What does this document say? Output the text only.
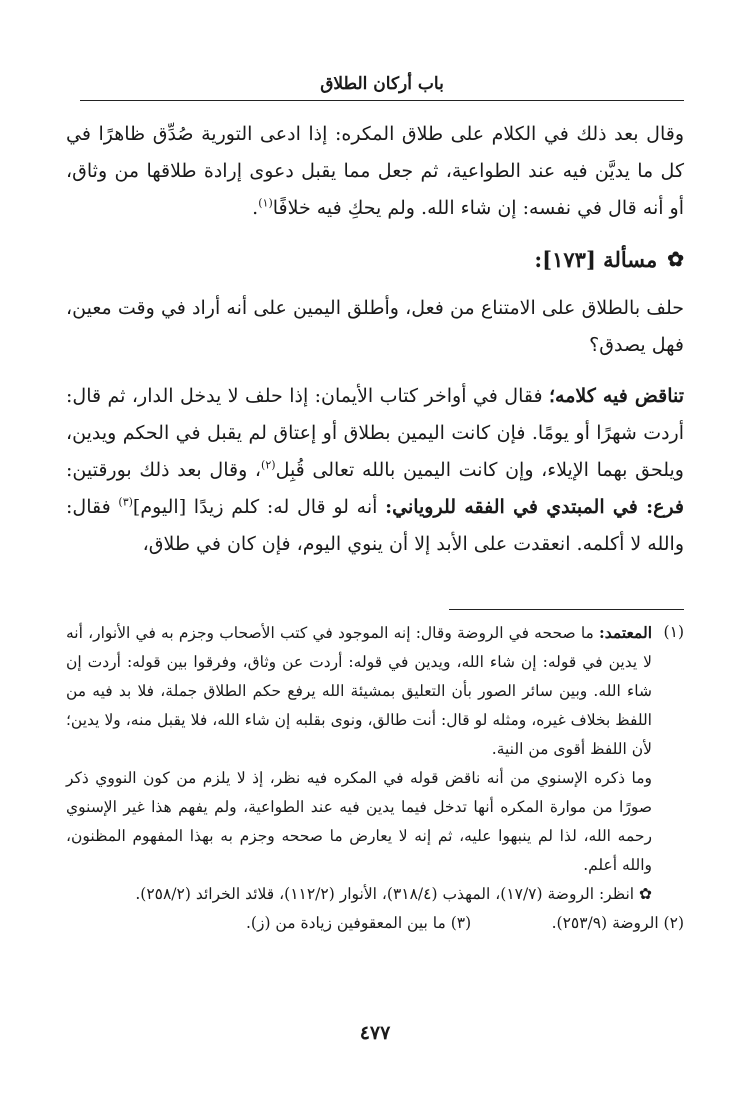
باب أركان الطلاق

وقال بعد ذلك في الكلام على طلاق المكره: إذا ادعى التورية صُدِّق ظاهرًا في كل ما يديَّن فيه عند الطواعية، ثم جعل مما يقبل دعوى إرادة طلاقها من وثاق، أو أنه قال في نفسه: إن شاء الله. ولم يحكِ فيه خلافًا$^{(١)}$.

✿
مسألة [١٧٣]:

حلف بالطلاق على الامتناع من فعل، وأطلق اليمين على أنه أراد في وقت معين، فهل يصدق؟

تناقض فيه كلامه؛ فقال في أواخر كتاب الأيمان: إذا حلف لا يدخل الدار، ثم قال: أردت شهرًا أو يومًا. فإن كانت اليمين بطلاق أو إعتاق لم يقبل في الحكم ويدين، ويلحق بهما الإيلاء، وإن كانت اليمين بالله تعالى قُبِل$^{(٢)}$، وقال بعد ذلك بورقتين: فرع: في المبتدي في الفقه للروياني: أنه لو قال له: كلم زيدًا [اليوم]$^{(٣)}$ فقال: والله لا أكلمه. انعقدت على الأبد إلا أن ينوي اليوم، فإن كان في طلاق،

(١)
المعتمد: ما صححه في الروضة وقال: إنه الموجود في كتب الأصحاب وجزم به في الأنوار، أنه لا يدين في قوله: إن شاء الله، ويدين في قوله: أردت عن وثاق، وفرقوا بين قوله: أردت إن شاء الله. وبين سائر الصور بأن التعليق بمشيئة الله يرفع حكم الطلاق جملة، فلا بد فيه من اللفظ بخلاف غيره، ومثله لو قال: أنت طالق، ونوى بقلبه إن شاء الله، فلا يقبل منه، ولا يدين؛ لأن اللفظ أقوى من النية.

وما ذكره الإسنوي من أنه ناقض قوله في المكره فيه نظر، إذ لا يلزم من كون النووي ذكر صورًا من موارة المكره أنها تدخل فيما يدين فيه عند الطواعية، ولم يفهم هذا غير الإسنوي رحمه الله، لذا لم ينبهوا عليه، ثم إنه لا يعارض ما صححه وجزم به بهذا المفهوم المظنون، والله أعلم.

✿ انظر: الروضة (١٧/٧)، المهذب (٣١٨/٤)، الأنوار (١١٢/٢)، قلائد الخرائد (٢٥٨/٢).

(٢) الروضة (٢٥٣/٩).
(٣) ما بين المعقوفين زيادة من (ز).
٤٧٧
